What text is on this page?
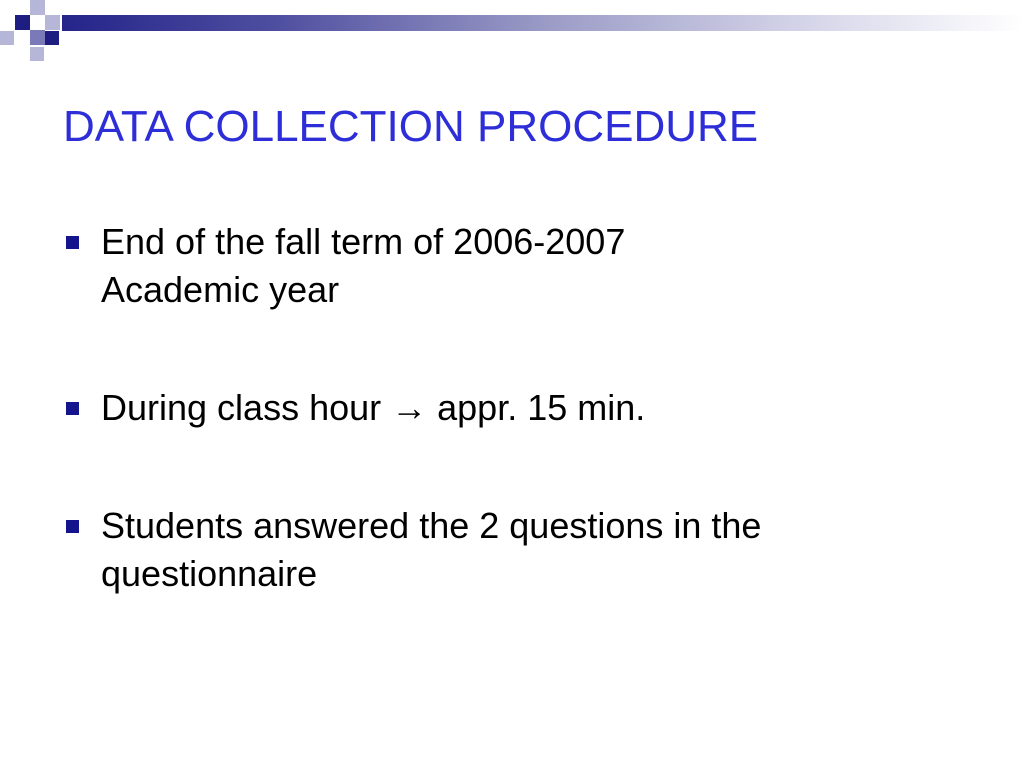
DATA COLLECTION PROCEDURE
End of the fall term of 2006-2007
Academic year
During class hour → appr. 15 min.
Students answered the 2 questions in the
questionnaire
